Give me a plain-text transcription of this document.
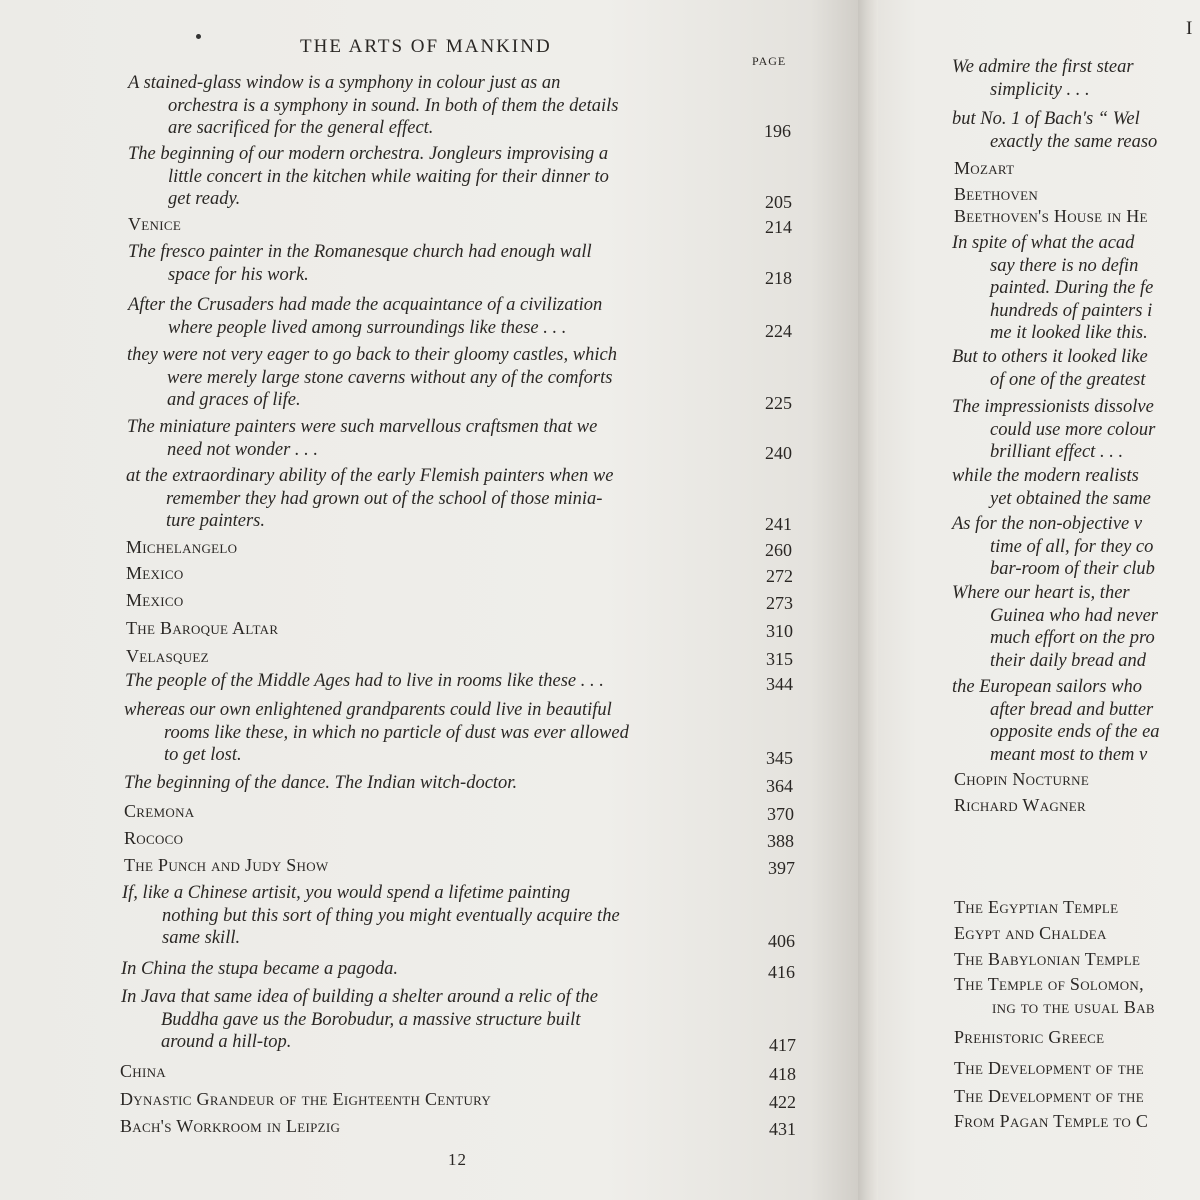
THE ARTS OF MANKIND
PAGE
A stained-glass window is a symphony in colour just as an
orchestra is a symphony in sound. In both of them the details
are sacrificed for the general effect.	196
The beginning of our modern orchestra. Jongleurs improvising a
little concert in the kitchen while waiting for their dinner to
get ready.	205
Venice	214
The fresco painter in the Romanesque church had enough wall
space for his work.	218
After the Crusaders had made the acquaintance of a civilization
where people lived among surroundings like these . . .	224
they were not very eager to go back to their gloomy castles, which
were merely large stone caverns without any of the comforts
and graces of life.	225
The miniature painters were such marvellous craftsmen that we
need not wonder . . .	240
at the extraordinary ability of the early Flemish painters when we
remember they had grown out of the school of those minia-
ture painters.	241
Michelangelo	260
Mexico	272
Mexico	273
The Baroque Altar	310
Velasquez	315
The people of the Middle Ages had to live in rooms like these . . .	344
whereas our own enlightened grandparents could live in beautiful
rooms like these, in which no particle of dust was ever allowed
to get lost.	345
The beginning of the dance. The Indian witch-doctor.	364
Cremona	370
Rococo	388
The Punch and Judy Show	397
If, like a Chinese artisit, you would spend a lifetime painting
nothing but this sort of thing you might eventually acquire the
same skill.	406
In China the stupa became a pagoda.	416
In Java that same idea of building a shelter around a relic of the
Buddha gave us the Borobudur, a massive structure built
around a hill-top.	417
China	418
Dynastic Grandeur of the Eighteenth Century	422
Bach's Workroom in Leipzig	431
12
I
We admire the first stear
simplicity . . .
but No. 1 of Bach's “ Wel
exactly the same reaso
Mozart
Beethoven
Beethoven's House in He
In spite of what the acad
say there is no defin
painted. During the fe
hundreds of painters i
me it looked like this.
But to others it looked like
of one of the greatest
The impressionists dissolve
could use more colour
brilliant effect . . .
while the modern realists
yet obtained the same
As for the non-objective v
time of all, for they co
bar-room of their club
Where our heart is, ther
Guinea who had never
much effort on the pro
their daily bread and
the European sailors who
after bread and butter
opposite ends of the ea
meant most to them v
Chopin Nocturne
Richard Wagner
The Egyptian Temple
Egypt and Chaldea
The Babylonian Temple
The Temple of Solomon,
ing to the usual Bab
Prehistoric Greece
The Development of the
The Development of the
From Pagan Temple to C
